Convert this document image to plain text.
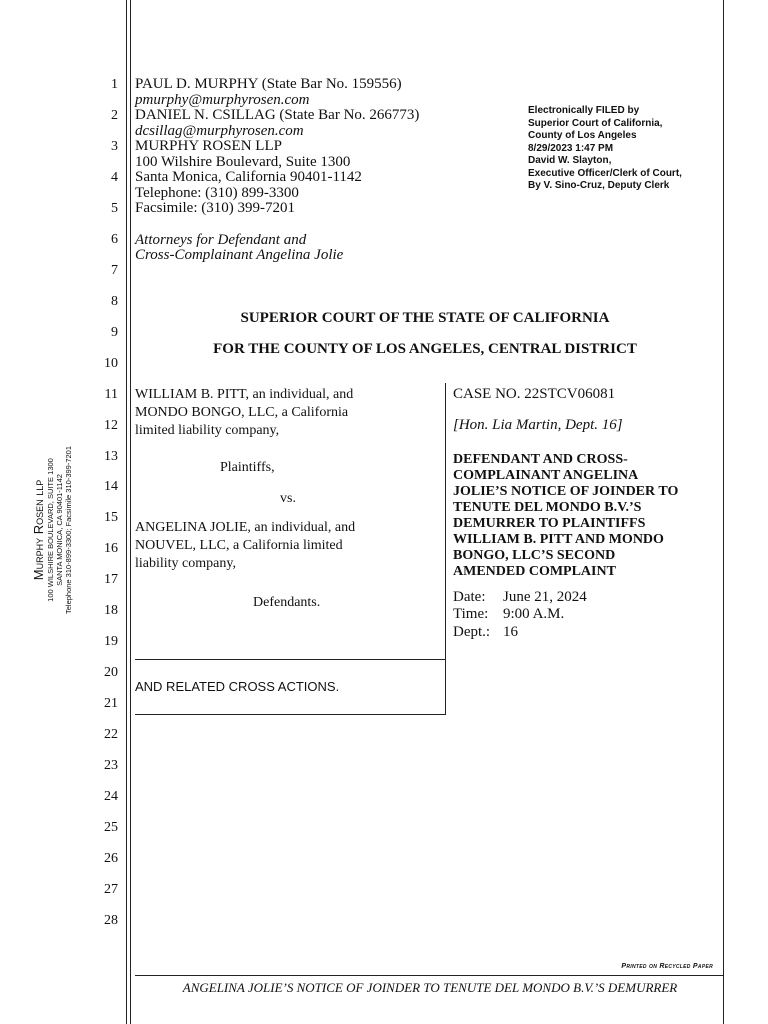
1
2
3
4
5
6
7
8
9
10
11
12
13
14
15
16
17
18
19
20
21
22
23
24
25
26
27
28
Murphy Rosen llp 100 WILSHIRE BOULEVARD, SUITE 1300 SANTA MONICA, CA 90401-1142 Telephone 310-899-3300; Facsimile 310-399-7201
PAUL D. MURPHY (State Bar No. 159556)
pmurphy@murphyrosen.com
DANIEL N. CSILLAG (State Bar No. 266773)
dcsillag@murphyrosen.com
MURPHY ROSEN LLP
100 Wilshire Boulevard, Suite 1300
Santa Monica, California 90401-1142
Telephone: (310) 899-3300
Facsimile: (310) 399-7201
Attorneys for Defendant and
Cross-Complainant Angelina Jolie
Electronically FILED by
Superior Court of California,
County of Los Angeles
8/29/2023 1:47 PM
David W. Slayton,
Executive Officer/Clerk of Court,
By V. Sino-Cruz, Deputy Clerk
SUPERIOR COURT OF THE STATE OF CALIFORNIA
FOR THE COUNTY OF LOS ANGELES, CENTRAL DISTRICT
WILLIAM B. PITT, an individual, and
MONDO BONGO, LLC, a California
limited liability company,
Plaintiffs,
vs.
ANGELINA JOLIE, an individual, and
NOUVEL, LLC, a California limited
liability company,
Defendants.
AND RELATED CROSS ACTIONS.
CASE NO. 22STCV06081
[Hon. Lia Martin, Dept. 16]
DEFENDANT AND CROSS-
COMPLAINANT ANGELINA
JOLIE’S NOTICE OF JOINDER TO
TENUTE DEL MONDO B.V.’S
DEMURRER TO PLAINTIFFS
WILLIAM B. PITT AND MONDO
BONGO, LLC’S SECOND
AMENDED COMPLAINT
Date: June 21, 2024
Time: 9:00 A.M.
Dept.: 16
Printed on Recycled Paper
ANGELINA JOLIE’S NOTICE OF JOINDER TO TENUTE DEL MONDO B.V.’S DEMURRER
